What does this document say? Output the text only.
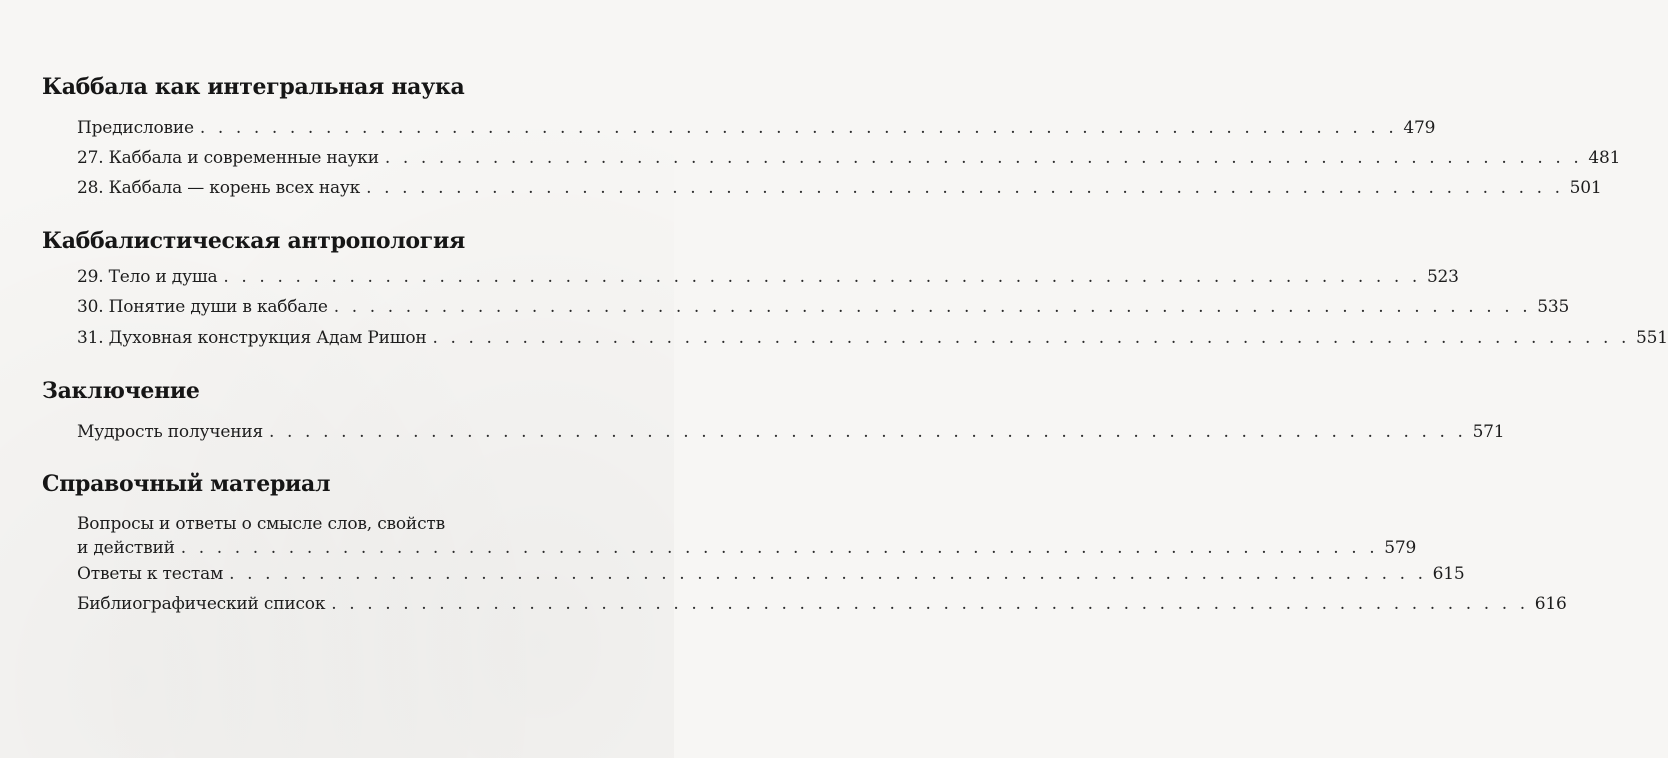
Каббала как интегральная наука
Предисловие . . . . . . . . . . . . . . . . . . . . . . . . . . . . . . . . . . . . . . . . . . . . . . . . . . . . . . . . . . . . . . . . . . . 479
27. Каббала и современные науки . . . . . . . . . . . . . . . . . . . . . . . . . . . . . . . . . . . . . . . . . . . . . . . . . . . . . . . . . . . . . . . . . . . 481
28. Каббала — корень всех наук . . . . . . . . . . . . . . . . . . . . . . . . . . . . . . . . . . . . . . . . . . . . . . . . . . . . . . . . . . . . . . . . . . . 501
Каббалистическая антропология
29. Тело и душа . . . . . . . . . . . . . . . . . . . . . . . . . . . . . . . . . . . . . . . . . . . . . . . . . . . . . . . . . . . . . . . . . . . 523
30. Понятие души в каббале . . . . . . . . . . . . . . . . . . . . . . . . . . . . . . . . . . . . . . . . . . . . . . . . . . . . . . . . . . . . . . . . . . . 535
31. Духовная конструкция Адам Ришон . . . . . . . . . . . . . . . . . . . . . . . . . . . . . . . . . . . . . . . . . . . . . . . . . . . . . . . . . . . . . . . . . . . 551
Заключение
Мудрость получения . . . . . . . . . . . . . . . . . . . . . . . . . . . . . . . . . . . . . . . . . . . . . . . . . . . . . . . . . . . . . . . . . . . 571
Справочный материал
Вопросы и ответы о смысле слов, свойств
и действий . . . . . . . . . . . . . . . . . . . . . . . . . . . . . . . . . . . . . . . . . . . . . . . . . . . . . . . . . . . . . . . . . . . 579
Ответы к тестам . . . . . . . . . . . . . . . . . . . . . . . . . . . . . . . . . . . . . . . . . . . . . . . . . . . . . . . . . . . . . . . . . . . 615
Библиографический список . . . . . . . . . . . . . . . . . . . . . . . . . . . . . . . . . . . . . . . . . . . . . . . . . . . . . . . . . . . . . . . . . . . 616
